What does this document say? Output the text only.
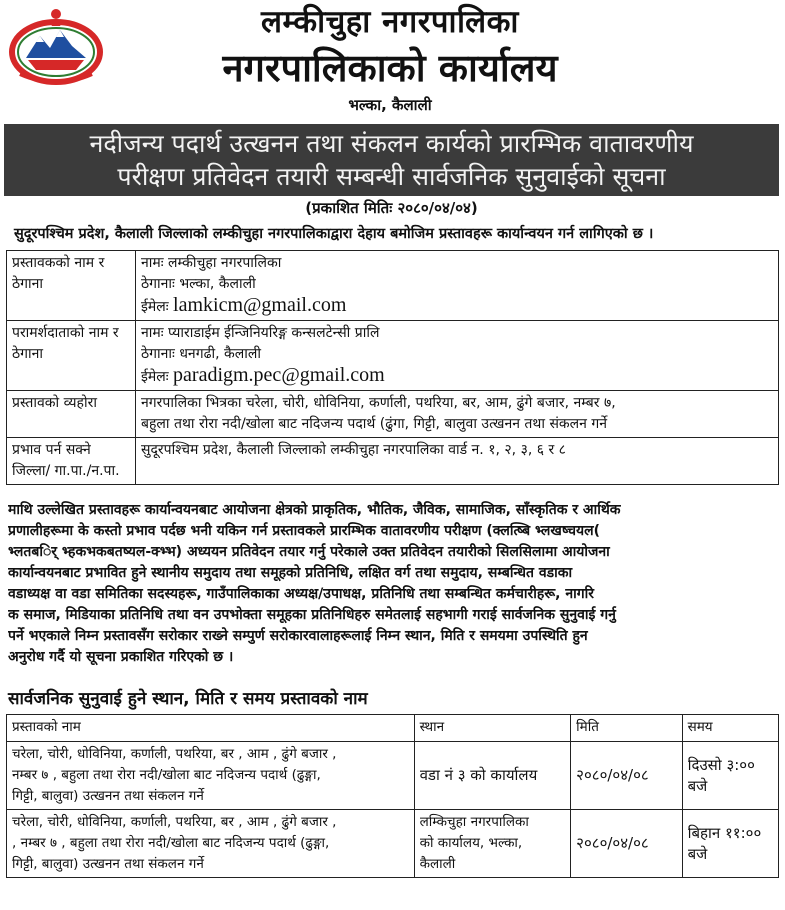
लम्कीचुहा नगरपालिका
नगरपालिकाको कार्यालय
भल्का, कैलाली
नदीजन्य पदार्थ उत्खनन तथा संकलन कार्यको प्रारम्भिक वातावरणीय
परीक्षण प्रतिवेदन तयारी सम्बन्धी सार्वजनिक सुनुवाईको सूचना
(प्रकाशित मितिः २०८०/०४/०४)
सुदूरपश्चिम प्रदेश, कैलाली जिल्लाको लम्कीचुहा नगरपालिकाद्वारा देहाय बमोजिम प्रस्तावहरू कार्यान्वयन गर्न लागिएको छ ।
प्रस्तावकको नाम र ठेगाना	नामः लम्कीचुहा नगरपालिका
ठेगानाः भल्का, कैलाली
ईमेलः lamkicm@gmail.com

परामर्शदाताको नाम र ठेगाना	नामः प्याराडाईम ईन्जिनियरिङ्ग कन्सलटेन्सी प्रालि
ठेगानाः धनगढी, कैलाली
ईमेलः paradigm.pec@gmail.com

प्रस्तावको व्यहोरा	नगरपालिका भित्रका चरेला, चोरी, धोविनिया, कर्णाली, पथरिया, बर, आम, ढुंगे बजार, नम्बर ७,
बहुला तथा रोरा नदी/खोला बाट नदिजन्य पदार्थ (ढुंगा, गिट्टी, बालुवा उत्खनन तथा संकलन गर्ने

प्रभाव पर्न सक्ने जिल्ला/ गा.पा./न.पा.	सुदूरपश्चिम प्रदेश, कैलाली जिल्लाको लम्कीचुहा नगरपालिका वार्ड न. १, २, ३, ६ र ८
माथि उल्लेखित प्रस्तावहरू कार्यान्वयनबाट आयोजना क्षेत्रको प्राकृतिक, भौतिक, जैविक, सामाजिक, साँस्कृतिक र आर्थिक
प्रणालीहरूमा के कस्तो प्रभाव पर्दछ भनी यकिन गर्न प्रस्तावकले प्रारम्भिक वातावरणीय परीक्षण (क्लत्ष्बि भ्लखष्चयल(
भ्लतबर्ि भ्हकभकबतष्यल-क्भ्भ) अध्ययन प्रतिवेदन तयार गर्नु परेकाले उक्त प्रतिवेदन तयारीको सिलसिलामा आयोजना
कार्यान्वयनबाट प्रभावित हुने स्थानीय समुदाय तथा समूहको प्रतिनिधि, लक्षित वर्ग तथा समुदाय, सम्बन्धित वडाका
वडाध्यक्ष वा वडा समितिका सदस्यहरू, गाउँपालिकाका अध्यक्ष/उपाधक्ष, प्रतिनिधि तथा सम्बन्धित कर्मचारीहरू, नागरि
क समाज, मिडियाका प्रतिनिधि तथा वन उपभोक्ता समूहका प्रतिनिधिहरु समेतलाई सहभागी गराई सार्वजनिक सुनुवाई गर्नु
पर्ने भएकाले निम्न प्रस्तावसँग सरोकार राख्ने सम्पुर्ण सरोकारवालाहरूलाई निम्न स्थान, मिति र समयमा उपस्थिति हुन
अनुरोध गर्दै यो सूचना प्रकाशित गरिएको छ ।
सार्वजनिक सुनुवाई हुने स्थान, मिति र समय प्रस्तावको नाम
प्रस्तावको नाम	स्थान	मिति	समय

चरेला, चोरी, धोविनिया, कर्णाली, पथरिया, बर , आम , ढुंगे बजार ,
नम्बर ७ , बहुला तथा रोरा नदी/खोला बाट नदिजन्य पदार्थ (ढुङ्गा,
गिट्टी, बालुवा) उत्खनन तथा संकलन गर्ने	वडा नं ३ को कार्यालय	२०८०/०४/०८	दिउसो ३:००
बजे

चरेला, चोरी, धोविनिया, कर्णाली, पथरिया, बर , आम , ढुंगे बजार ,
, नम्बर ७ , बहुला तथा रोरा नदी/खोला बाट नदिजन्य पदार्थ (ढुङ्गा,
गिट्टी, बालुवा) उत्खनन तथा संकलन गर्ने	लम्किचुहा नगरपालिका
को कार्यालय, भल्का,
कैलाली	२०८०/०४/०८	बिहान ११:००
बजे
